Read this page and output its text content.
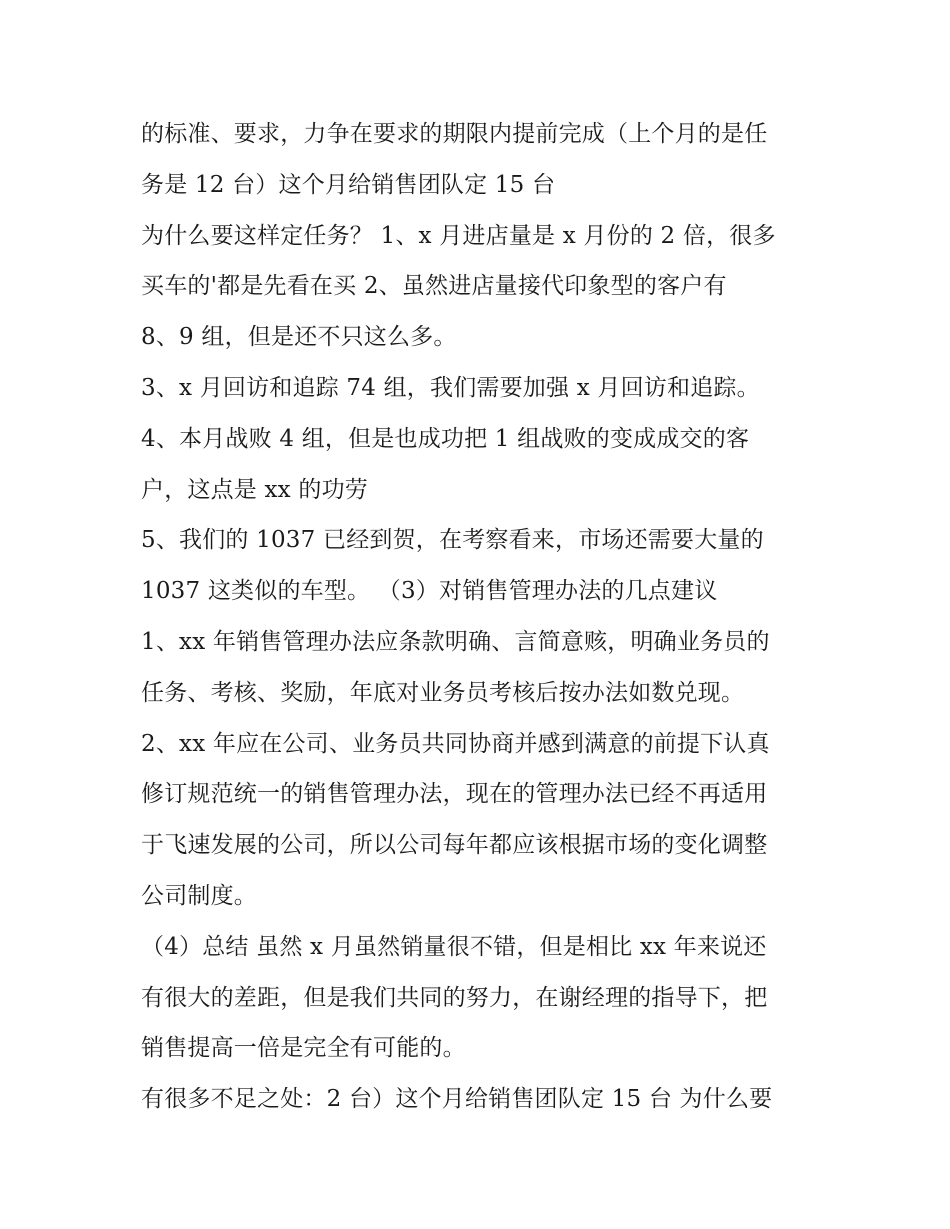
的标准、要求，力争在要求的期限内提前完成（上个月的是任
务是 12 台）这个月给销售团队定 15 台
为什么要这样定任务？ 1、x 月进店量是 x 月份的 2 倍，很多
买车的'都是先看在买 2、虽然进店量接代印象型的客户有
8、9 组，但是还不只这么多。
3、x 月回访和追踪 74 组，我们需要加强 x 月回访和追踪。
4、本月战败 4 组，但是也成功把 1 组战败的变成成交的客
户，这点是 xx 的功劳
5、我们的 1037 已经到贺，在考察看来，市场还需要大量的
1037 这类似的车型。 （3）对销售管理办法的几点建议
1、xx 年销售管理办法应条款明确、言简意赅，明确业务员的
任务、考核、奖励，年底对业务员考核后按办法如数兑现。
2、xx 年应在公司、业务员共同协商并感到满意的前提下认真
修订规范统一的销售管理办法，现在的管理办法已经不再适用
于飞速发展的公司，所以公司每年都应该根据市场的变化调整
公司制度。
（4）总结 虽然 x 月虽然销量很不错，但是相比 xx 年来说还
有很大的差距，但是我们共同的努力，在谢经理的指导下，把
销售提高一倍是完全有可能的。
有很多不足之处：2 台）这个月给销售团队定 15 台 为什么要
